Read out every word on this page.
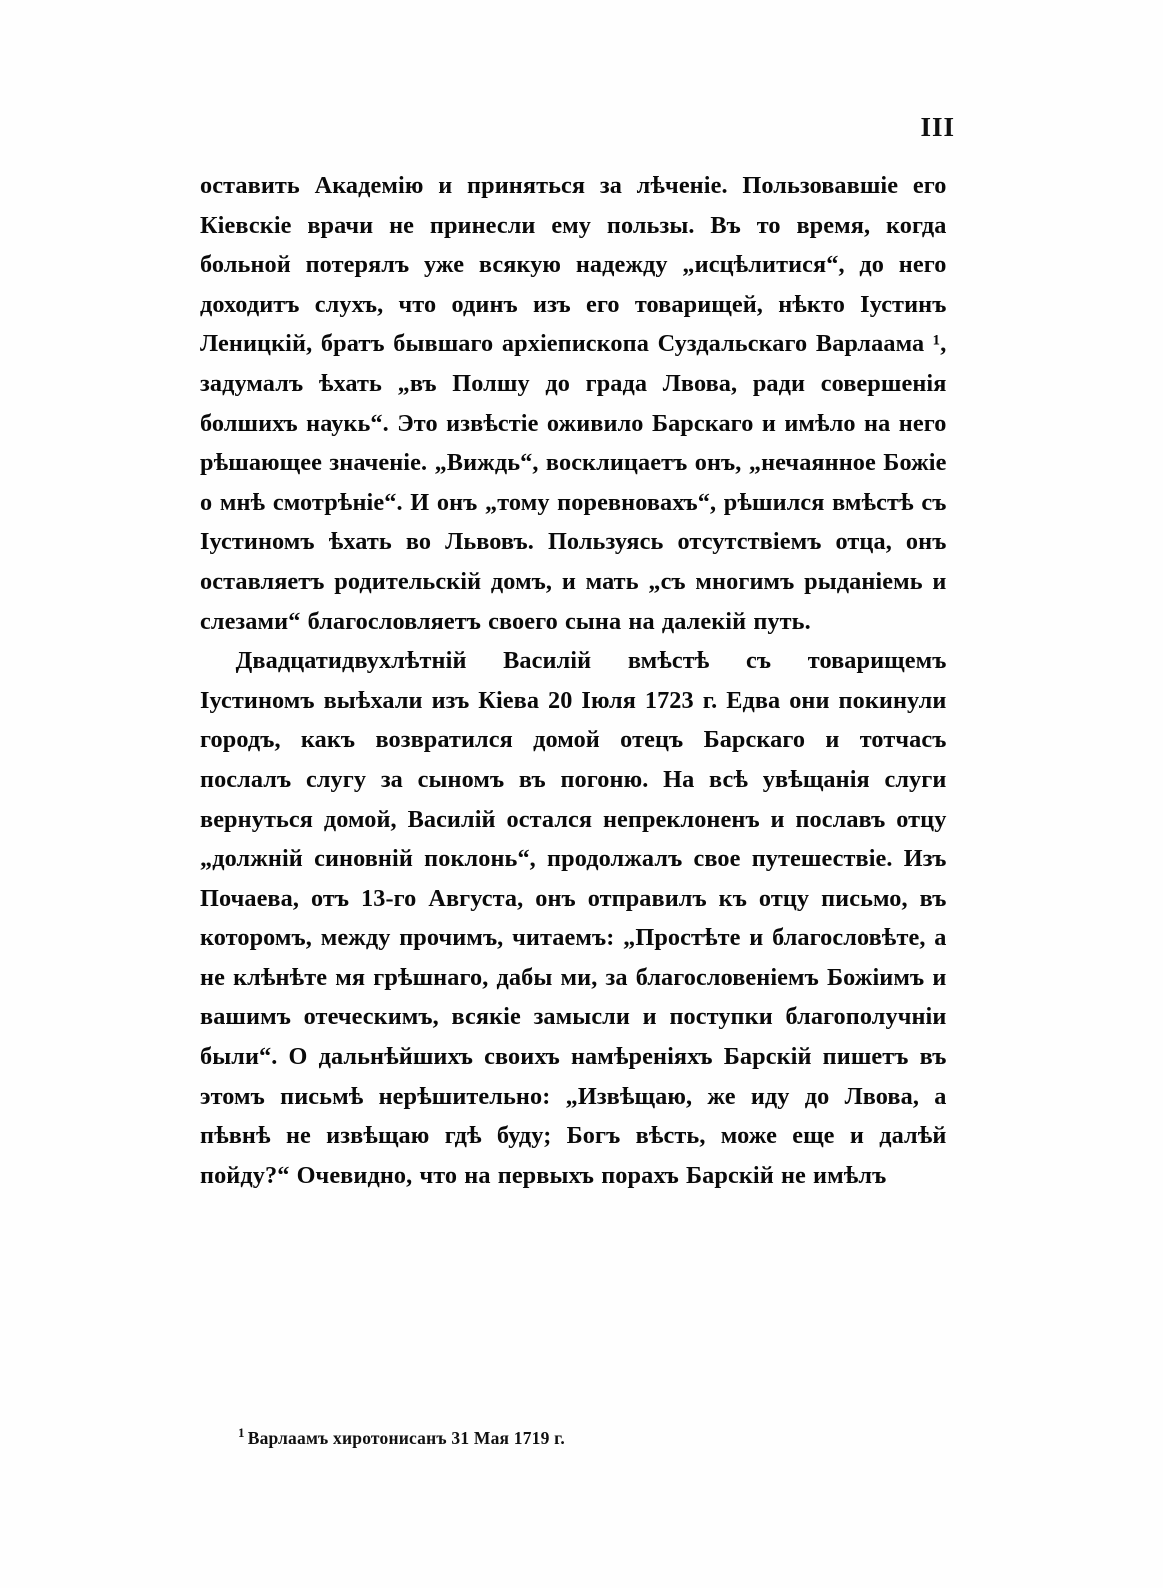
III

оставить Академію и приняться за лѣченіе. Пользовавшіе его Кіевскіе врачи не принесли ему пользы. Въ то время, когда больной потерялъ уже всякую надежду „исцѣлитися“, до него доходитъ слухъ, что одинъ изъ его товарищей, нѣкто Іустинъ Леницкій, братъ бывшаго архіепископа Суздальскаго Варлаама ¹, задумалъ ѣхать „въ Полшу до града Лвова, ради совершенія болшихъ наукь“. Это извѣстіе оживило Барскаго и имѣло на него рѣшающее значеніе. „Виждь“, восклицаетъ онъ, „нечаянное Божіе о мнѣ смотрѣніе“. И онъ „тому поревновахъ“, рѣшился вмѣстѣ съ Іустиномъ ѣхать во Львовъ. Пользуясь отсутствіемъ отца, онъ оставляетъ родительскій домъ, и мать „съ многимъ рыданіемь и слезами“ благословляетъ своего сына на далекій путь.

Двадцатидвухлѣтній Василій вмѣстѣ съ товарищемъ Іустиномъ выѣхали изъ Кіева 20 Іюля 1723 г. Едва они покинули городъ, какъ возвратился домой отецъ Барскаго и тотчасъ послалъ слугу за сыномъ въ погоню. На всѣ увѣщанія слуги вернуться домой, Василій остался непреклоненъ и пославъ отцу „должній синовній поклонь“, продолжалъ свое путешествіе. Изъ Почаева, отъ 13-го Августа, онъ отправилъ къ отцу письмо, въ которомъ, между прочимъ, читаемъ: „Простѣте и благословѣте, а не клѣнѣте мя грѣшнаго, дабы ми, за благословеніемъ Божіимъ и вашимъ отеческимъ, всякіе замысли и поступки благополучніи были“. О дальнѣйшихъ своихъ намѣреніяхъ Барскій пишетъ въ этомъ письмѣ нерѣшительно: „Извѣщаю, же иду до Лвова, а пѣвнѣ не извѣщаю гдѣ буду; Богъ вѣсть, може еще и далѣй пойду?“ Очевидно, что на первыхъ порахъ Барскій не имѣлъ

$^1$ Варлаамъ хиротонисанъ 31 Мая 1719 г.
